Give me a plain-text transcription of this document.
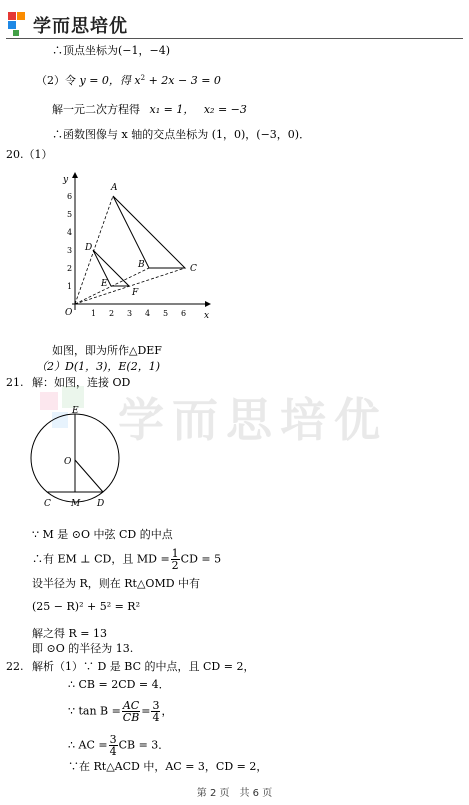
学而思培优
学而思培优
∴顶点坐标为(−1，−4)
（2）令 y = 0，得 $x^2 + 2x - 3 = 0$
解一元二次方程得 x₁ = 1， x₂ = −3
∴函数图像与 x 轴的交点坐标为 (1，0)，(−3，0)．
20.（1）
x
y
O 1 2 3 4 5 6
1
2
3
4
5
6
A
B	C
D
E
F
如图，即为所作△DEF
（2）D(1，3)，E(2，1)
21. 解：如图，连接 OD
E
O
C M D
∵ M 是 ⊙O 中弦 CD 的中点
∴有 EM ⊥ CD，且 MD = $\frac{1}{2}$ CD = 5
设半径为 R，则在 Rt△OMD 中有
(25 − R)² + 5² = R²
解之得 R = 13
即 ⊙O 的半径为 13.
22. 解析（1）∵ D 是 BC 的中点，且 CD = 2，
∴ CB = 2CD = 4．
∵ $\tan B = \frac{AC}{CB} = \frac{3}{4}$ ，
∴ AC = $\frac{3}{4}$ CB = 3．
∵在 Rt△ACD 中，AC = 3，CD = 2，
第 2 页　共 6 页
